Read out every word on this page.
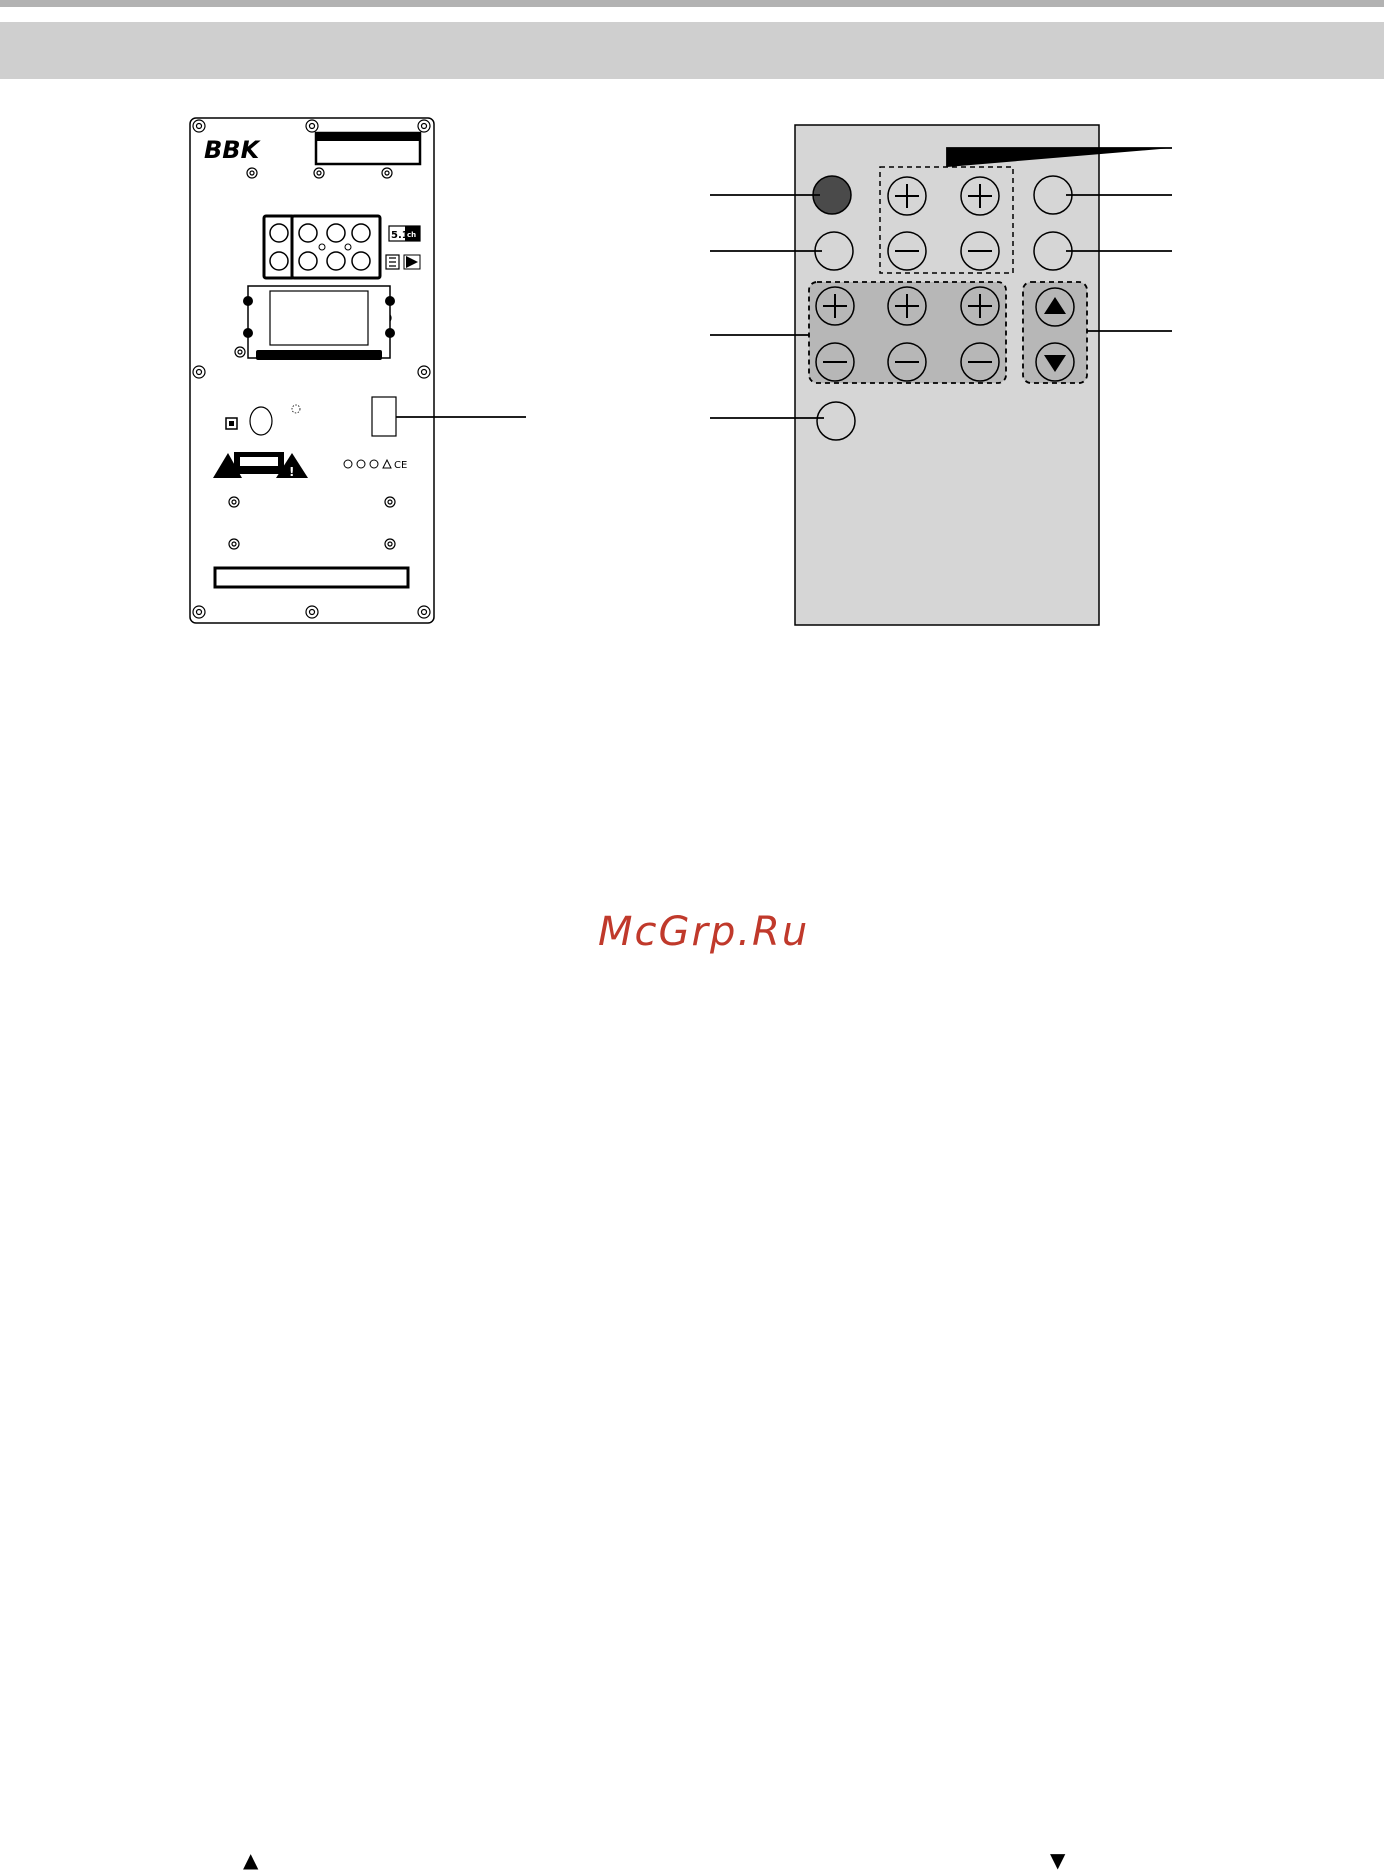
BBK
5.1
ch
!	CE
McGrp.Ru
▲	▼
